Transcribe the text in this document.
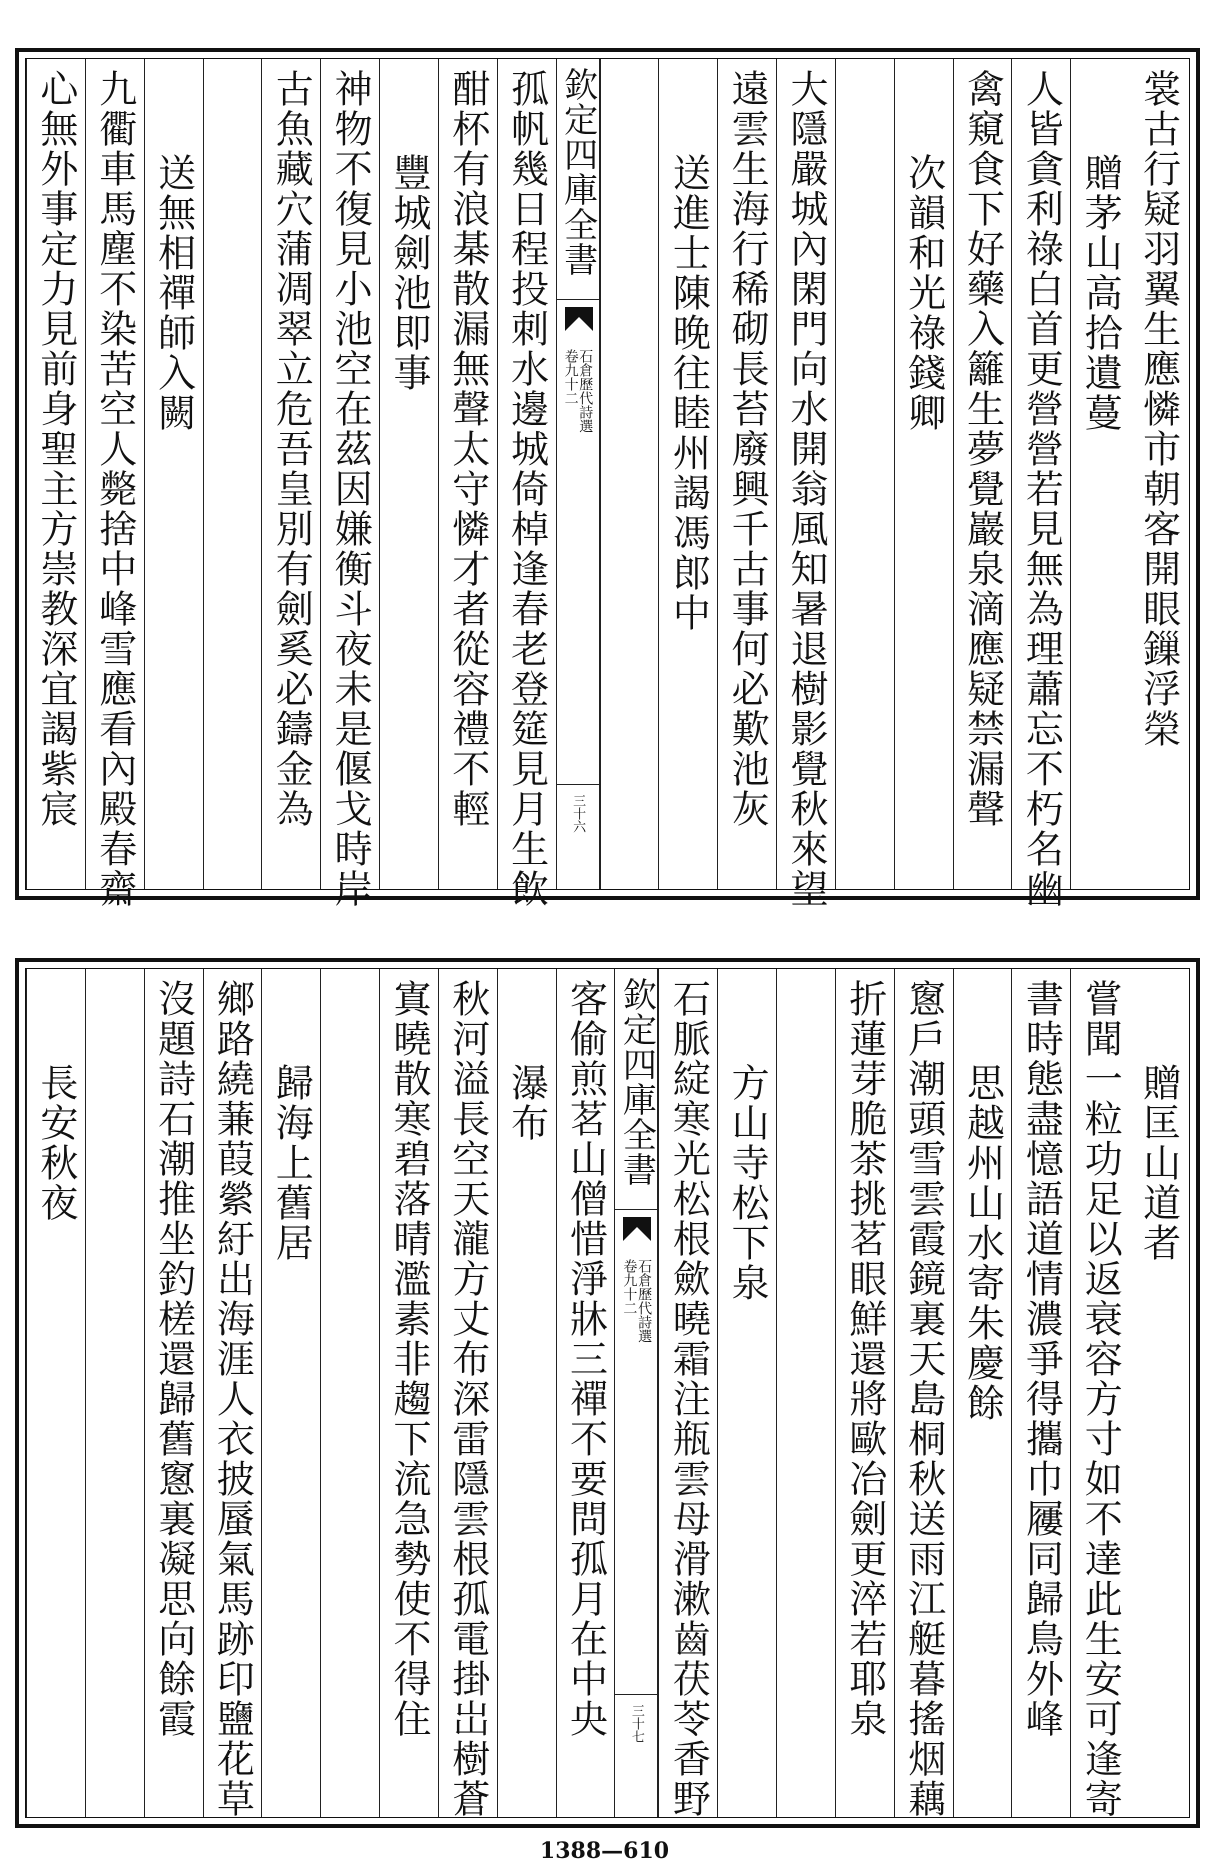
裳古行疑羽翼生應憐市朝客開眼鏁浮榮
贈茅山高拾遺蔓
人皆貪利祿白首更營營若見無為理蕭忘不朽名幽
禽窺食下好藥入籬生夢覺巖泉滴應疑禁漏聲
次韻和光祿錢卿
大隱嚴城內閑門向水開翁風知暑退樹影覺秋來望
遠雲生海行稀砌長苔廢興千古事何必歎池灰
送進士陳晚往睦州謁馮郎中
欽定四庫全書
石倉歷代詩選
卷九十二
三十六
孤帆幾日程投刺水邊城倚棹逢春老登筵見月生飲
酣杯有浪棊散漏無聲太守憐才者從容禮不輕
豐城劍池即事
神物不復見小池空在茲因嫌衡斗夜未是偃戈時岸
古魚藏穴蒲凋翠立危吾皇別有劍奚必鑄金為
送無相禪師入闕
九衢車馬塵不染苦空人斃捨中峰雪應看內殿春齋
心無外事定力見前身聖主方崇教深宜謁紫宸
贈匡山道者
嘗聞一粒功足以返衰容方寸如不達此生安可逢寄
書時態盡憶語道情濃爭得攜巾屨同歸鳥外峰
思越州山水寄朱慶餘
窻戶潮頭雪雲霞鏡裏天島桐秋送雨江艇暮搖烟藕
折蓮芽脆茶挑茗眼鮮還將歐冶劍更淬若耶泉
方山寺松下泉
石脈綻寒光松根歛曉霜注瓶雲母滑漱齒茯苓香野
欽定四庫全書
石倉歷代詩選
卷九十二
三十七
客偷煎茗山僧惜淨牀三禪不要問孤月在中央
瀑布
秋河溢長空天瀧方丈布深雷隱雲根孤電掛岀樹蒼
寘曉散寒碧落晴濫素非趨下流急勢使不得住
歸海上舊居
鄉路繞蒹葭縈紆出海涯人衣披蜃氣馬跡印鹽花草
沒題詩石潮推坐釣槎還歸舊窻裏凝思向餘霞
長安秋夜
1388—610
